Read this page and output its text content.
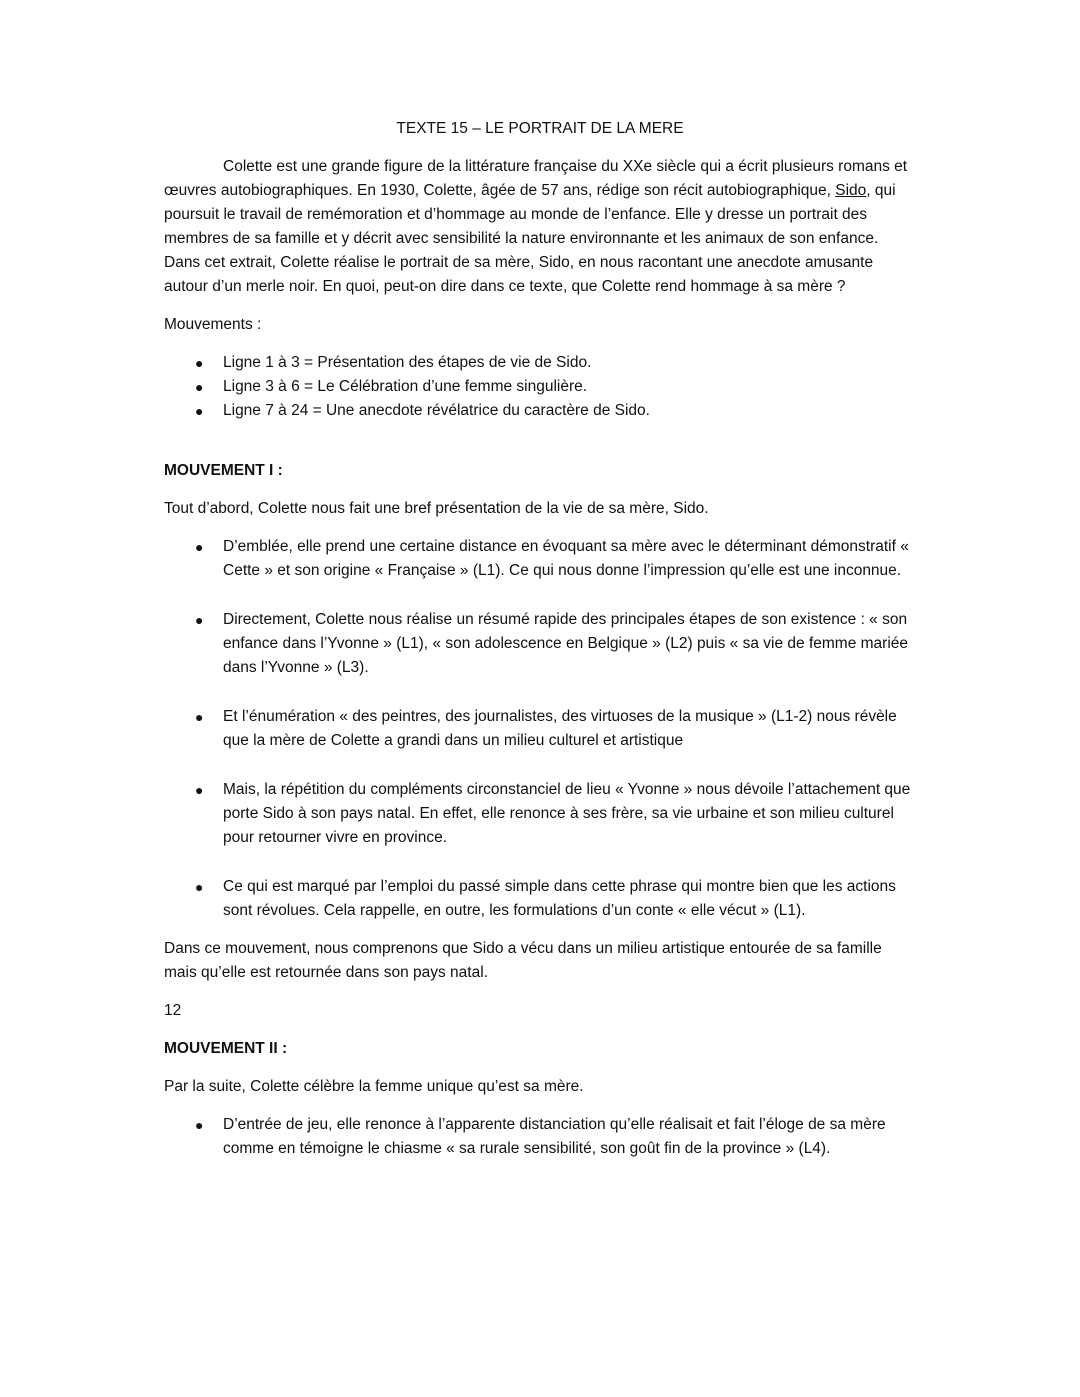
TEXTE 15 – LE PORTRAIT DE LA MERE

Colette est une grande figure de la littérature française du XXe siècle qui a écrit plusieurs romans et œuvres autobiographiques. En 1930, Colette, âgée de 57 ans, rédige son récit autobiographique, Sido, qui poursuit le travail de remémoration et d’hommage au monde de l’enfance. Elle y dresse un portrait des membres de sa famille et y décrit avec sensibilité la nature environnante et les animaux de son enfance. Dans cet extrait, Colette réalise le portrait de sa mère, Sido, en nous racontant une anecdote amusante autour d’un merle noir. En quoi, peut-on dire dans ce texte, que Colette rend hommage à sa mère ?

Mouvements :

● Ligne 1 à 3 = Présentation des étapes de vie de Sido.
● Ligne 3 à 6 = Le Célébration d’une femme singulière.
● Ligne 7 à 24 = Une anecdote révélatrice du caractère de Sido.

MOUVEMENT I :

Tout d’abord, Colette nous fait une bref présentation de la vie de sa mère, Sido.

● D’emblée, elle prend une certaine distance en évoquant sa mère avec le déterminant démonstratif « Cette » et son origine « Française » (L1). Ce qui nous donne l’impression qu’elle est une inconnue.
● Directement, Colette nous réalise un résumé rapide des principales étapes de son existence : « son enfance dans l’Yvonne » (L1), « son adolescence en Belgique » (L2) puis « sa vie de femme mariée dans l’Yvonne » (L3).
● Et l’énumération « des peintres, des journalistes, des virtuoses de la musique » (L1-2) nous révèle que la mère de Colette a grandi dans un milieu culturel et artistique
● Mais, la répétition du compléments circonstanciel de lieu « Yvonne » nous dévoile l’attachement que porte Sido à son pays natal. En effet, elle renonce à ses frère, sa vie urbaine et son milieu culturel pour retourner vivre en province.
● Ce qui est marqué par l’emploi du passé simple dans cette phrase qui montre bien que les actions sont révolues. Cela rappelle, en outre, les formulations d’un conte « elle vécut » (L1).

Dans ce mouvement, nous comprenons que Sido a vécu dans un milieu artistique entourée de sa famille mais qu’elle est retournée dans son pays natal.

12

MOUVEMENT II :

Par la suite, Colette célèbre la femme unique qu’est sa mère.

● D’entrée de jeu, elle renonce à l’apparente distanciation qu’elle réalisait et fait l’éloge de sa mère comme en témoigne le chiasme « sa rurale sensibilité, son goût fin de la province » (L4).
